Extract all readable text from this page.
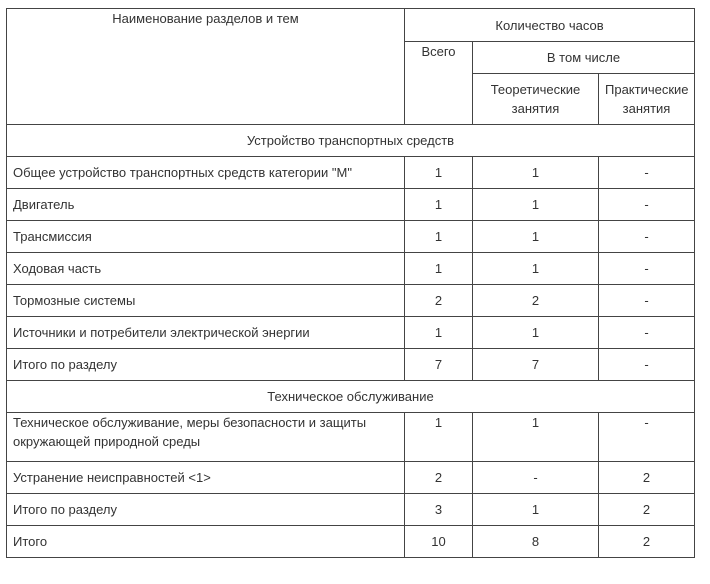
Наименование разделов и тем	Количество часов		
	Всего	В том числе	
		Теоретические занятия	Практические занятия
Устройство транспортных средств			
Общее устройство транспортных средств категории "M"	1	1	-
Двигатель	1	1	-
Трансмиссия	1	1	-
Ходовая часть	1	1	-
Тормозные системы	2	2	-
Источники и потребители электрической энергии	1	1	-
Итого по разделу	7	7	-
Техническое обслуживание			
Техническое обслуживание, меры безопасности и защиты окружающей природной среды	1	1	-
Устранение неисправностей <1>	2	-	2
Итого по разделу	3	1	2
Итого	10	8	2
